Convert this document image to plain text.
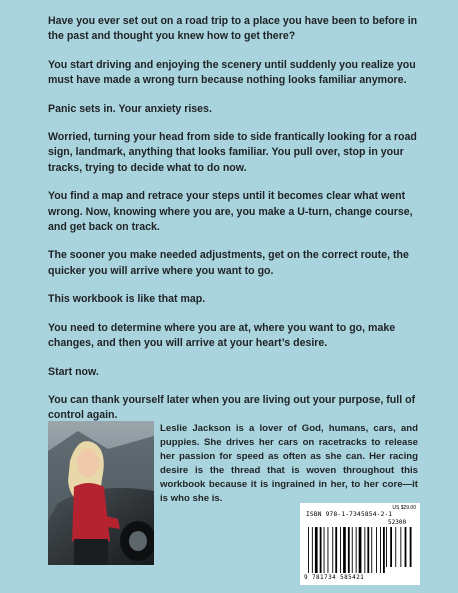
Have you ever set out on a road trip to a place you have been to before in the past and thought you knew how to get there?

You start driving and enjoying the scenery until suddenly you realize you must have made a wrong turn because nothing looks familiar anymore.

Panic sets in. Your anxiety rises.

Worried, turning your head from side to side frantically looking for a road sign, landmark, anything that looks familiar. You pull over, stop in your tracks, trying to decide what to do now.

You find a map and retrace your steps until it becomes clear what went wrong. Now, knowing where you are, you make a U-turn, change course, and get back on track.

The sooner you make needed adjustments, get on the correct route, the quicker you will arrive where you want to go.

This workbook is like that map.

You need to determine where you are at, where you want to go, make changes, and then you will arrive at your heart’s desire.

Start now.

You can thank yourself later when you are living out your purpose, full of control again.

Leslie Jackson is a lover of God, humans, cars, and puppies. She drives her cars on racetracks to release her passion for speed as often as she can. Her racing desire is the thread that is woven throughout this workbook because it is ingrained in her, to her core—it is who she is.
US $29.00
ISBN 978-1-7345854-2-1
52300
9 781734 585421
